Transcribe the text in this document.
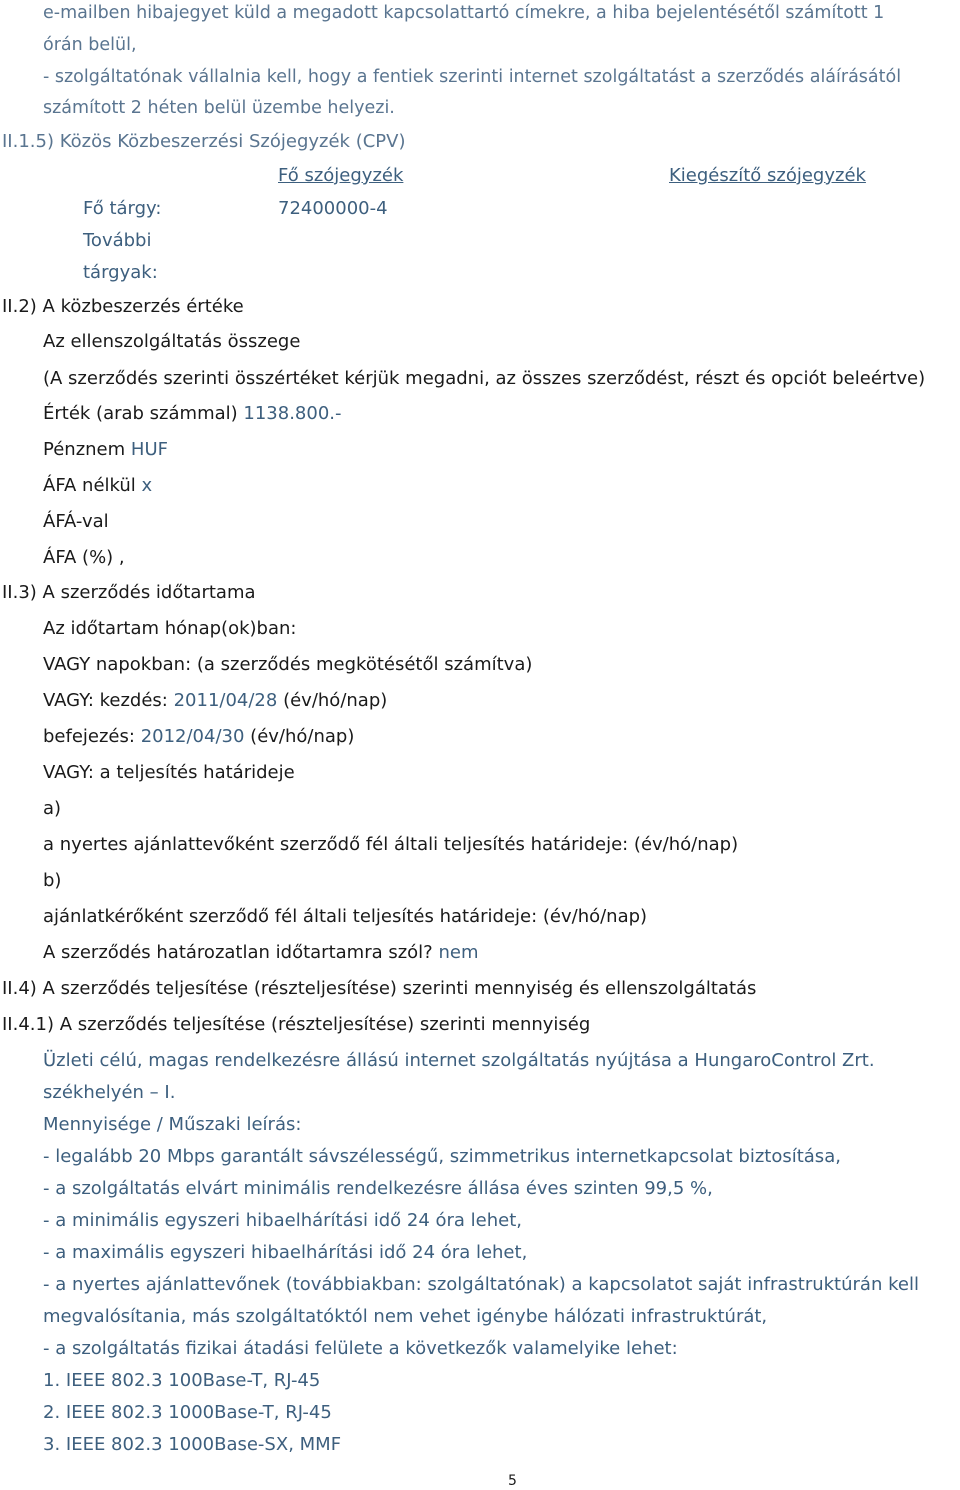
e-mailben hibajegyet küld a megadott kapcsolattartó címekre, a hiba bejelentésétől számított 1
órán belül,
- szolgáltatónak vállalnia kell, hogy a fentiek szerinti internet szolgáltatást a szerződés aláírásától
számított 2 héten belül üzembe helyezi.
II.1.5) Közös Közbeszerzési Szójegyzék (CPV)
Fő szójegyzék	Kiegészítő szójegyzék
Fő tárgy:	72400000-4
További
tárgyak:
II.2) A közbeszerzés értéke
Az ellenszolgáltatás összege
(A szerződés szerinti összértéket kérjük megadni, az összes szerződést, részt és opciót beleértve)
Érték (arab számmal) 1138.800.-
Pénznem HUF
ÁFA nélkül x
ÁFÁ-val
ÁFA (%) ,
II.3) A szerződés időtartama
Az időtartam hónap(ok)ban:
VAGY napokban: (a szerződés megkötésétől számítva)
VAGY: kezdés: 2011/04/28 (év/hó/nap)
befejezés: 2012/04/30 (év/hó/nap)
VAGY: a teljesítés határideje
a)
a nyertes ajánlattevőként szerződő fél általi teljesítés határideje: (év/hó/nap)
b)
ajánlatkérőként szerződő fél általi teljesítés határideje: (év/hó/nap)
A szerződés határozatlan időtartamra szól? nem
II.4) A szerződés teljesítése (részteljesítése) szerinti mennyiség és ellenszolgáltatás
II.4.1) A szerződés teljesítése (részteljesítése) szerinti mennyiség
Üzleti célú, magas rendelkezésre állású internet szolgáltatás nyújtása a HungaroControl Zrt.
székhelyén – I.
Mennyisége / Műszaki leírás:
- legalább 20 Mbps garantált sávszélességű, szimmetrikus internetkapcsolat biztosítása,
- a szolgáltatás elvárt minimális rendelkezésre állása éves szinten 99,5 %,
- a minimális egyszeri hibaelhárítási idő 24 óra lehet,
- a maximális egyszeri hibaelhárítási idő 24 óra lehet,
- a nyertes ajánlattevőnek (továbbiakban: szolgáltatónak) a kapcsolatot saját infrastruktúrán kell
megvalósítania, más szolgáltatóktól nem vehet igénybe hálózati infrastruktúrát,
- a szolgáltatás fizikai átadási felülete a következők valamelyike lehet:
1. IEEE 802.3 100Base-T, RJ-45
2. IEEE 802.3 1000Base-T, RJ-45
3. IEEE 802.3 1000Base-SX, MMF
5
